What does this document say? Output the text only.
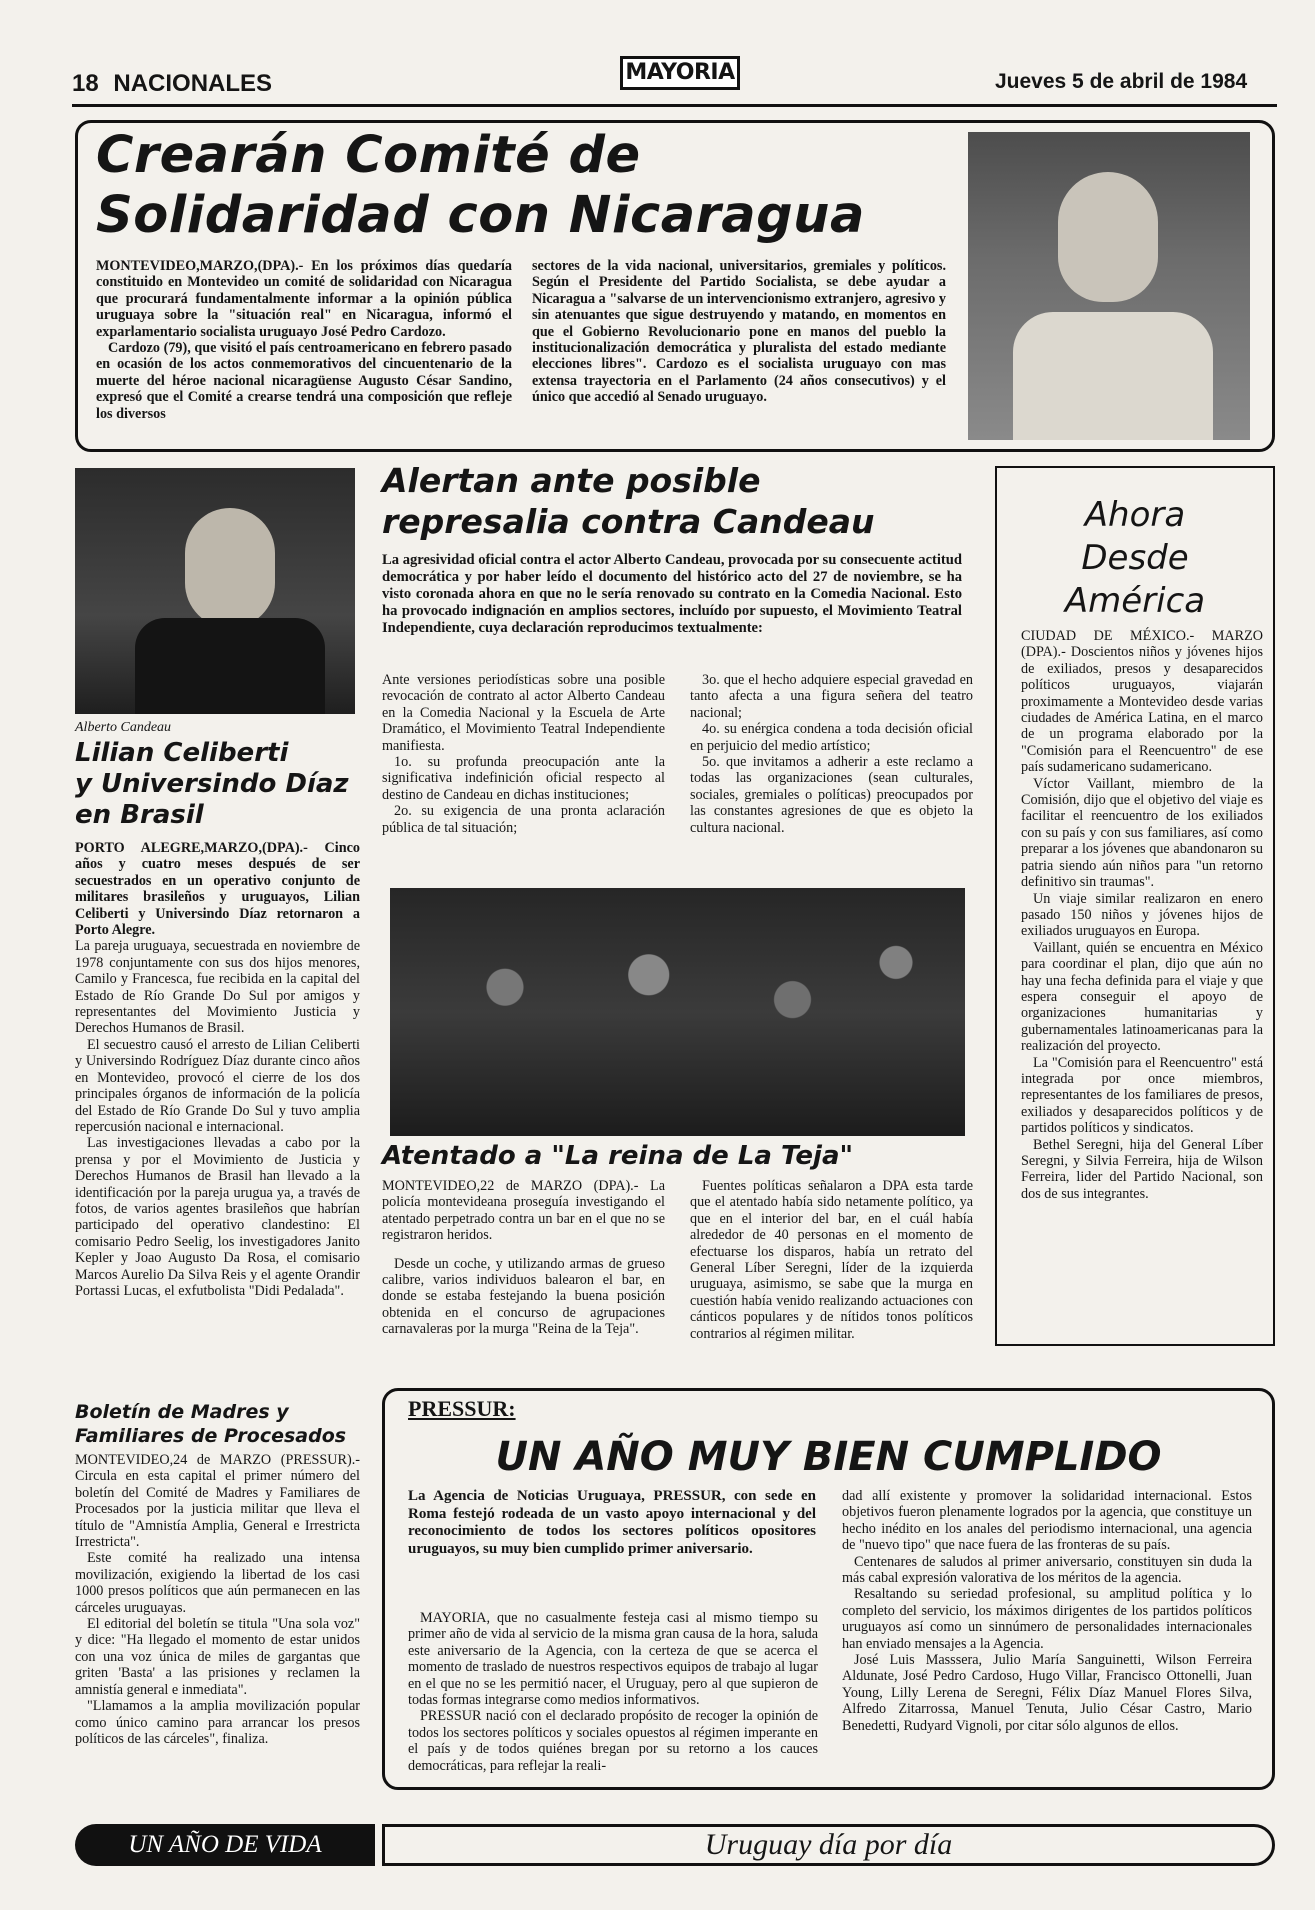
18 NACIONALES	MAYORIA	Jueves 5 de abril de 1984
Crearán Comité de
Solidaridad con Nicaragua

MONTEVIDEO,MARZO,(DPA).- En los próximos días quedaría constituido en Montevideo un comité de solidaridad con Nicaragua que procurará fundamentalmente informar a la opinión pública uruguaya sobre la "situación real" en Nicaragua, informó el exparlamentario socialista uruguayo José Pedro Cardozo.

Cardozo (79), que visitó el país centroamericano en febrero pasado en ocasión de los actos conmemorativos del cincuentenario de la muerte del héroe nacional nicaragüense Augusto César Sandino, expresó que el Comité a crearse tendrá una composición que refleje los diversos

sectores de la vida nacional, universitarios, gremiales y políticos. Según el Presidente del Partido Socialista, se debe ayudar a Nicaragua a "salvarse de un intervencionismo extranjero, agresivo y sin atenuantes que sigue destruyendo y matando, en momentos en que el Gobierno Revolucionario pone en manos del pueblo la institucionalización democrática y pluralista del estado mediante elecciones libres". Cardozo es el socialista uruguayo con mas extensa trayectoria en el Parlamento (24 años consecutivos) y el único que accedió al Senado uruguayo.

Alberto Candeau
Lilian Celiberti
y Universindo Díaz
en Brasil

PORTO ALEGRE,MARZO,(DPA).- Cinco años y cuatro meses después de ser secuestrados en un operativo conjunto de militares brasileños y uruguayos, Lilian Celiberti y Universindo Díaz retornaron a Porto Alegre.

La pareja uruguaya, secuestrada en noviembre de 1978 conjuntamente con sus dos hijos menores, Camilo y Francesca, fue recibida en la capital del Estado de Río Grande Do Sul por amigos y representantes del Movimiento Justicia y Derechos Humanos de Brasil.

El secuestro causó el arresto de Lilian Celiberti y Universindo Rodríguez Díaz durante cinco años en Montevideo, provocó el cierre de los dos principales órganos de información de la policía del Estado de Río Grande Do Sul y tuvo amplia repercusión nacional e internacional.

Las investigaciones llevadas a cabo por la prensa y por el Movimiento de Justicia y Derechos Humanos de Brasil han llevado a la identificación por la pareja urugua ya, a través de fotos, de varios agentes brasileños que habrían participado del operativo clandestino: El comisario Pedro Seelig, los investigadores Janito Kepler y Joao Augusto Da Rosa, el comisario Marcos Aurelio Da Silva Reis y el agente Orandir Portassi Lucas, el exfutbolista "Didi Pedalada".

Boletín de Madres y
Familiares de Procesados

MONTEVIDEO,24 de MARZO (PRESSUR).- Circula en esta capital el primer número del boletín del Comité de Madres y Familiares de Procesados por la justicia militar que lleva el título de "Amnistía Amplia, General e Irrestricta Irrestricta".

Este comité ha realizado una intensa movilización, exigiendo la libertad de los casi 1000 presos políticos que aún permanecen en las cárceles uruguayas.

El editorial del boletín se titula "Una sola voz" y dice: "Ha llegado el momento de estar unidos con una voz única de miles de gargantas que griten 'Basta' a las prisiones y reclamen la amnistía general e inmediata".

"Llamamos a la amplia movilización popular como único camino para arrancar los presos políticos de las cárceles", finaliza.

Alertan ante posible
represalia contra Candeau

La agresividad oficial contra el actor Alberto Candeau, provocada por su consecuente actitud democrática y por haber leído el documento del histórico acto del 27 de noviembre, se ha visto coronada ahora en que no le sería renovado su contrato en la Comedia Nacional. Esto ha provocado indignación en amplios sectores, incluído por supuesto, el Movimiento Teatral Independiente, cuya declaración reproducimos textualmente:

Ante versiones periodísticas sobre una posible revocación de contrato al actor Alberto Candeau en la Comedia Nacional y la Escuela de Arte Dramático, el Movimiento Teatral Independiente manifiesta.

1o. su profunda preocupación ante la significativa indefinición oficial respecto al destino de Candeau en dichas instituciones;

2o. su exigencia de una pronta aclaración pública de tal situación;

3o. que el hecho adquiere especial gravedad en tanto afecta a una figura señera del teatro nacional;

4o. su enérgica condena a toda decisión oficial en perjuicio del medio artístico;

5o. que invitamos a adherir a este reclamo a todas las organizaciones (sean culturales, sociales, gremiales o políticas) preocupados por las constantes agresiones de que es objeto la cultura nacional.

Atentado a "La reina de La Teja"

MONTEVIDEO,22 de MARZO (DPA).- La policía montevideana proseguía investigando el atentado perpetrado contra un bar en el que no se registraron heridos.

Desde un coche, y utilizando armas de grueso calibre, varios individuos balearon el bar, en donde se estaba festejando la buena posición obtenida en el concurso de agrupaciones carnavaleras por la murga "Reina de la Teja".

Fuentes políticas señalaron a DPA esta tarde que el atentado había sido netamente político, ya que en el interior del bar, en el cuál había alrededor de 40 personas en el momento de efectuarse los disparos, había un retrato del General Líber Seregni, líder de la izquierda uruguaya, asimismo, se sabe que la murga en cuestión había venido realizando actuaciones con cánticos populares y de nítidos tonos políticos contrarios al régimen militar.

Ahora
Desde
América

CIUDAD DE MÉXICO.- MARZO (DPA).- Doscientos niños y jóvenes hijos de exiliados, presos y desaparecidos políticos uruguayos, viajarán proximamente a Montevideo desde varias ciudades de América Latina, en el marco de un programa elaborado por la "Comisión para el Reencuentro" de ese país sudamericano sudamericano.

Víctor Vaillant, miembro de la Comisión, dijo que el objetivo del viaje es facilitar el reencuentro de los exiliados con su país y con sus familiares, así como preparar a los jóvenes que abandonaron su patria siendo aún niños para "un retorno definitivo sin traumas".

Un viaje similar realizaron en enero pasado 150 niños y jóvenes hijos de exiliados uruguayos en Europa.

Vaillant, quién se encuentra en México para coordinar el plan, dijo que aún no hay una fecha definida para el viaje y que espera conseguir el apoyo de organizaciones humanitarias y gubernamentales latinoamericanas para la realización del proyecto.

La "Comisión para el Reencuentro" está integrada por once miembros, representantes de los familiares de presos, exiliados y desaparecidos políticos y de partidos políticos y sindicatos.

Bethel Seregni, hija del General Líber Seregni, y Silvia Ferreira, hija de Wilson Ferreira, lider del Partido Nacional, son dos de sus integrantes.

PRESSUR:
UN AÑO MUY BIEN CUMPLIDO

La Agencia de Noticias Uruguaya, PRESSUR, con sede en Roma festejó rodeada de un vasto apoyo internacional y del reconocimiento de todos los sectores políticos opositores uruguayos, su muy bien cumplido primer aniversario.

MAYORIA, que no casualmente festeja casi al mismo tiempo su primer año de vida al servicio de la misma gran causa de la hora, saluda este aniversario de la Agencia, con la certeza de que se acerca el momento de traslado de nuestros respectivos equipos de trabajo al lugar en el que no se les permitió nacer, el Uruguay, pero al que supieron de todas formas integrarse como medios informativos.

PRESSUR nació con el declarado propósito de recoger la opinión de todos los sectores políticos y sociales opuestos al régimen imperante en el país y de todos quiénes bregan por su retorno a los cauces democráticas, para reflejar la reali-

dad allí existente y promover la solidaridad internacional. Estos objetivos fueron plenamente logrados por la agencia, que constituye un hecho inédito en los anales del periodismo internacional, una agencia de "nuevo tipo" que nace fuera de las fronteras de su país.

Centenares de saludos al primer aniversario, constituyen sin duda la más cabal expresión valorativa de los méritos de la agencia.

Resaltando su seriedad profesional, su amplitud política y lo completo del servicio, los máximos dirigentes de los partidos políticos uruguayos así como un sinnúmero de personalidades internacionales han enviado mensajes a la Agencia.

José Luis Masssera, Julio María Sanguinetti, Wilson Ferreira Aldunate, José Pedro Cardoso, Hugo Villar, Francisco Ottonelli, Juan Young, Lilly Lerena de Seregni, Félix Díaz Manuel Flores Silva, Alfredo Zitarrossa, Manuel Tenuta, Julio César Castro, Mario Benedetti, Rudyard Vignoli, por citar sólo algunos de ellos.

UN AÑO DE VIDA	Uruguay día por día
